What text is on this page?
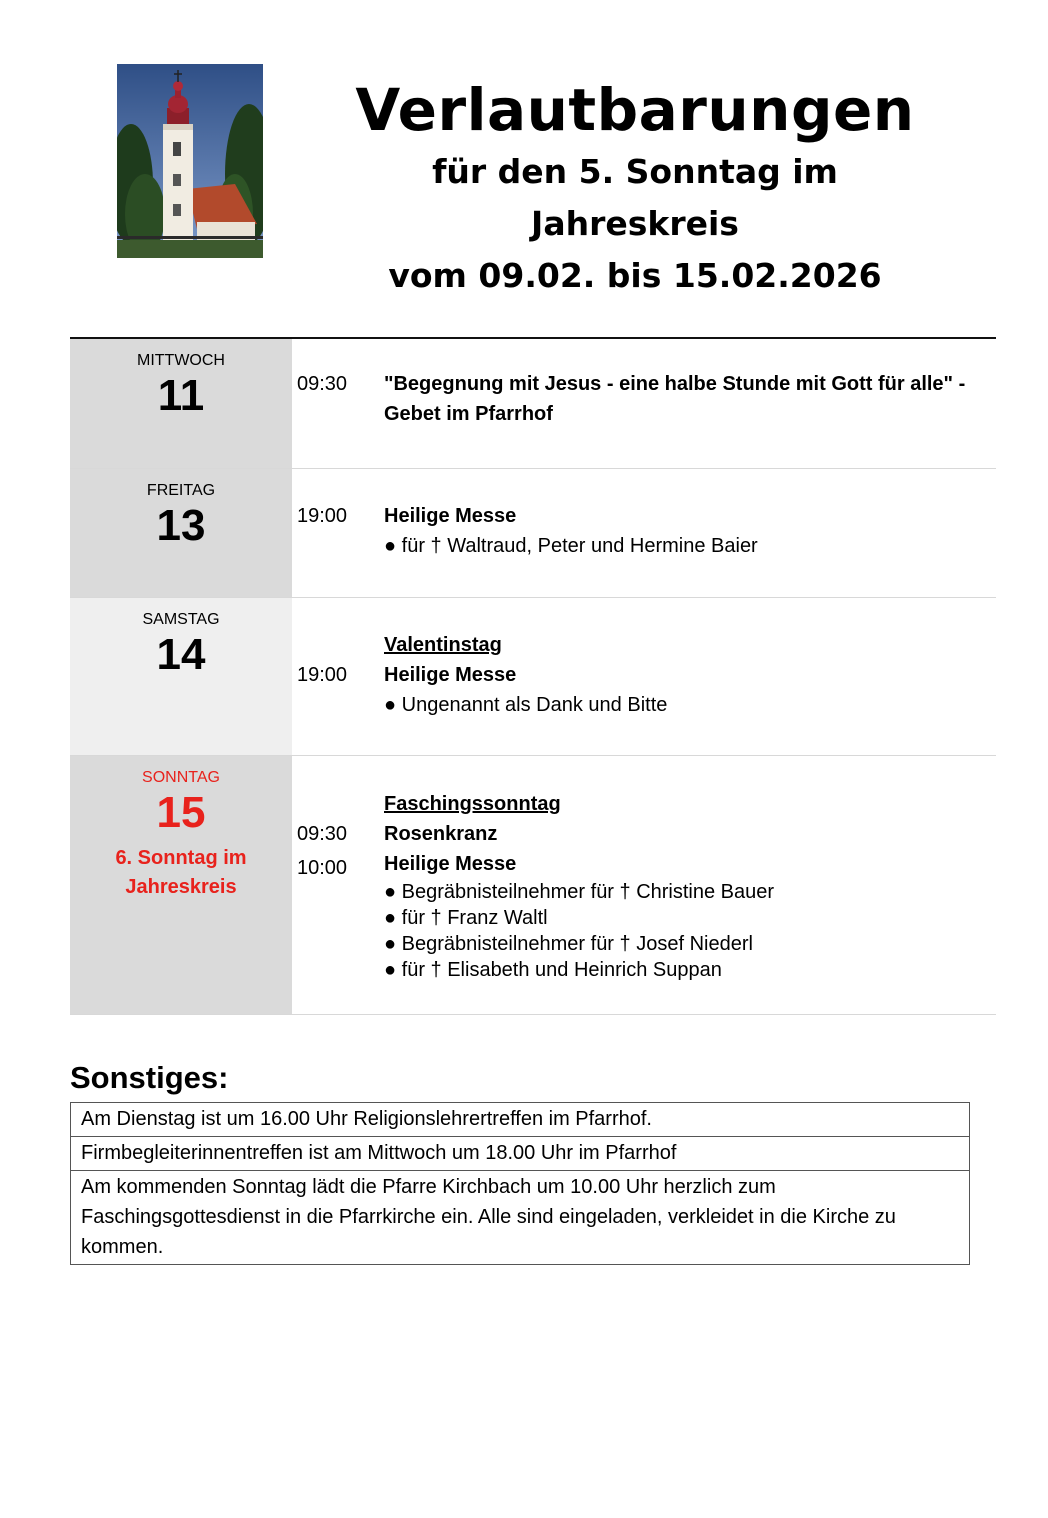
Verlautbarungen
für den 5. Sonntag im Jahreskreis
vom 09.02. bis 15.02.2026
MITTWOCH
11	09:30	"Begegnung mit Jesus - eine halbe Stunde mit Gott für alle" - Gebet im Pfarrhof
FREITAG
13	19:00	Heilige Messe
● für † Waltraud, Peter und Hermine Baier
SAMSTAG
14	Valentinstag
19:00	Heilige Messe
● Ungenannt als Dank und Bitte
SONNTAG
15
6. Sonntag im Jahreskreis
Faschingssonntag
09:30	Rosenkranz
10:00	Heilige Messe
● Begräbnisteilnehmer für † Christine Bauer
● für † Franz Waltl
● Begräbnisteilnehmer für † Josef Niederl
● für † Elisabeth und Heinrich Suppan
Sonstiges:
Am Dienstag ist um 16.00 Uhr Religionslehrertreffen im Pfarrhof.
Firmbegleiterinnentreffen ist am Mittwoch um 18.00 Uhr im Pfarrhof
Am kommenden Sonntag lädt die Pfarre Kirchbach um 10.00 Uhr herzlich zum Faschingsgottesdienst in die Pfarrkirche ein. Alle sind eingeladen, verkleidet in die Kirche zu kommen.
